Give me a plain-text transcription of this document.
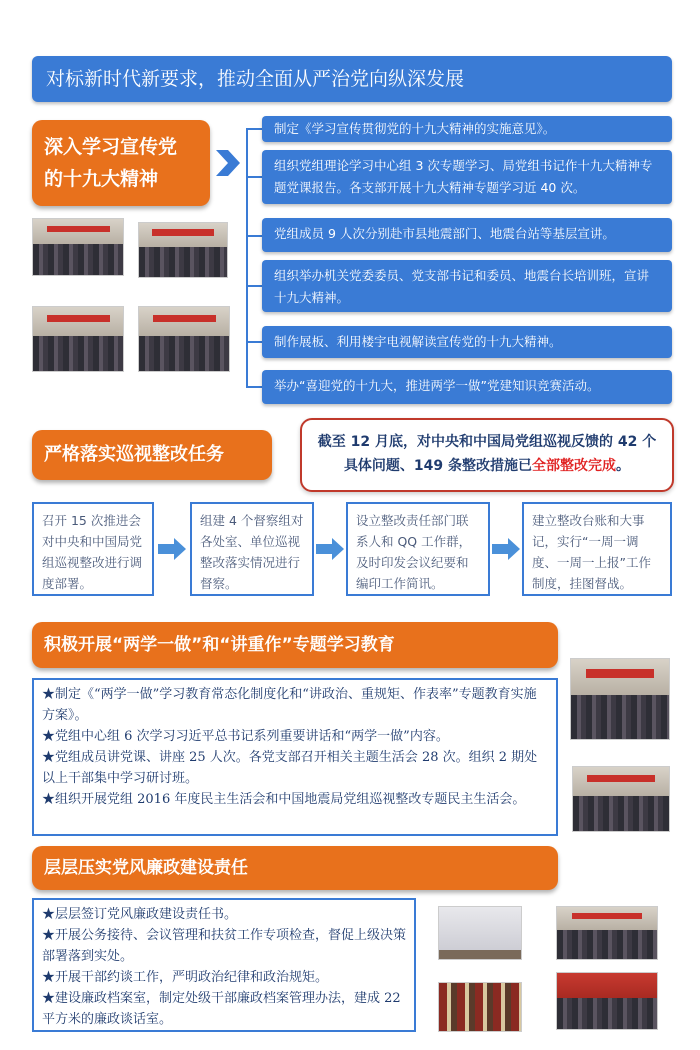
对标新时代新要求，推动全面从严治党向纵深发展
深入学习宣传党
的十九大精神
制定《学习宣传贯彻党的十九大精神的实施意见》。
组织党组理论学习中心组 3 次专题学习、局党组书记作十九大精神专题党课报告。各支部开展十九大精神专题学习近 40 次。
党组成员 9 人次分别赴市县地震部门、地震台站等基层宣讲。
组织举办机关党委委员、党支部书记和委员、地震台长培训班，宣讲十九大精神。
制作展板、利用楼宇电视解读宣传党的十九大精神。
举办“喜迎党的十九大，推进两学一做”党建知识竞赛活动。
严格落实巡视整改任务
截至 12 月底，对中央和中国局党组巡视反馈的 42 个具体问题、149 条整改措施已全部整改完成。
召开 15 次推进会对中央和中国局党组巡视整改进行调度部署。
组建 4 个督察组对各处室、单位巡视整改落实情况进行督察。
设立整改责任部门联系人和 QQ 工作群，及时印发会议纪要和编印工作简讯。
建立整改台账和大事记，实行“一周一调度、一周一上报”工作制度，挂图督战。
积极开展“两学一做”和“讲重作”专题学习教育
★制定《“两学一做”学习教育常态化制度化和“讲政治、重规矩、作表率”专题教育实施方案》。
★党组中心组 6 次学习习近平总书记系列重要讲话和“两学一做”内容。
★党组成员讲党课、讲座 25 人次。各党支部召开相关主题生活会 28 次。组织 2 期处以上干部集中学习研讨班。
★组织开展党组 2016 年度民主生活会和中国地震局党组巡视整改专题民主生活会。
层层压实党风廉政建设责任
★层层签订党风廉政建设责任书。
★开展公务接待、会议管理和扶贫工作专项检查，督促上级决策部署落到实处。
★开展干部约谈工作，严明政治纪律和政治规矩。
★建设廉政档案室，制定处级干部廉政档案管理办法，建成 22 平方米的廉政谈话室。
